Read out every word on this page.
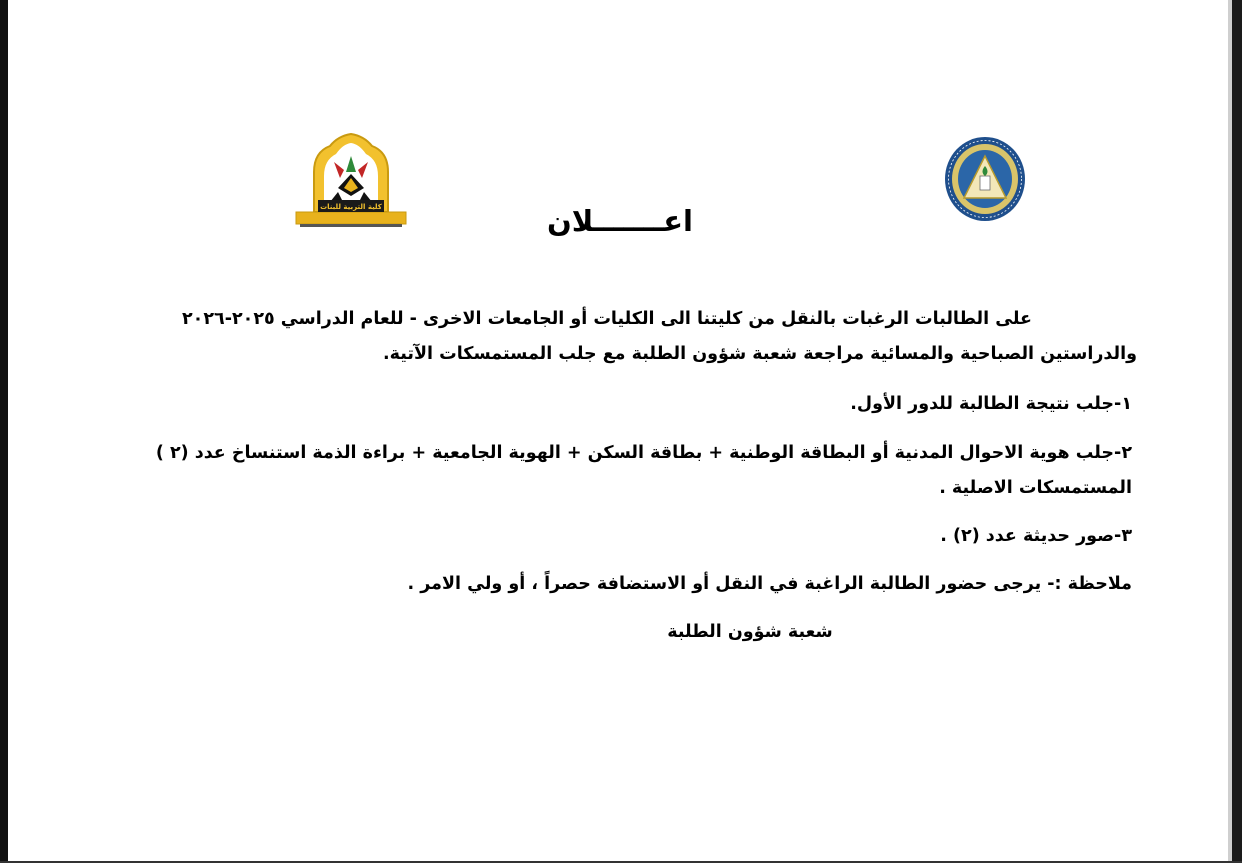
كلية التربية للبنات	اعـــــــلان
على الطالبات الرغبات بالنقل من كليتنا الى الكليات أو الجامعات الاخرى - للعام الدراسي ٢٠٢٥-٢٠٢٦
والدراستين الصباحية والمسائية مراجعة شعبة شؤون الطلبة مع جلب المستمسكات الآتية.
١-جلب نتيجة الطالبة للدور الأول.
٢-جلب هوية الاحوال المدنية أو البطاقة الوطنية + بطاقة السكن + الهوية الجامعية + براءة الذمة استنساخ عدد (٢ )
المستمسكات الاصلية .
٣-صور حديثة عدد (٢) .
ملاحظة :- يرجى حضور الطالبة الراغبة في النقل أو الاستضافة حصراً ، أو ولي الامر .
شعبة شؤون الطلبة
